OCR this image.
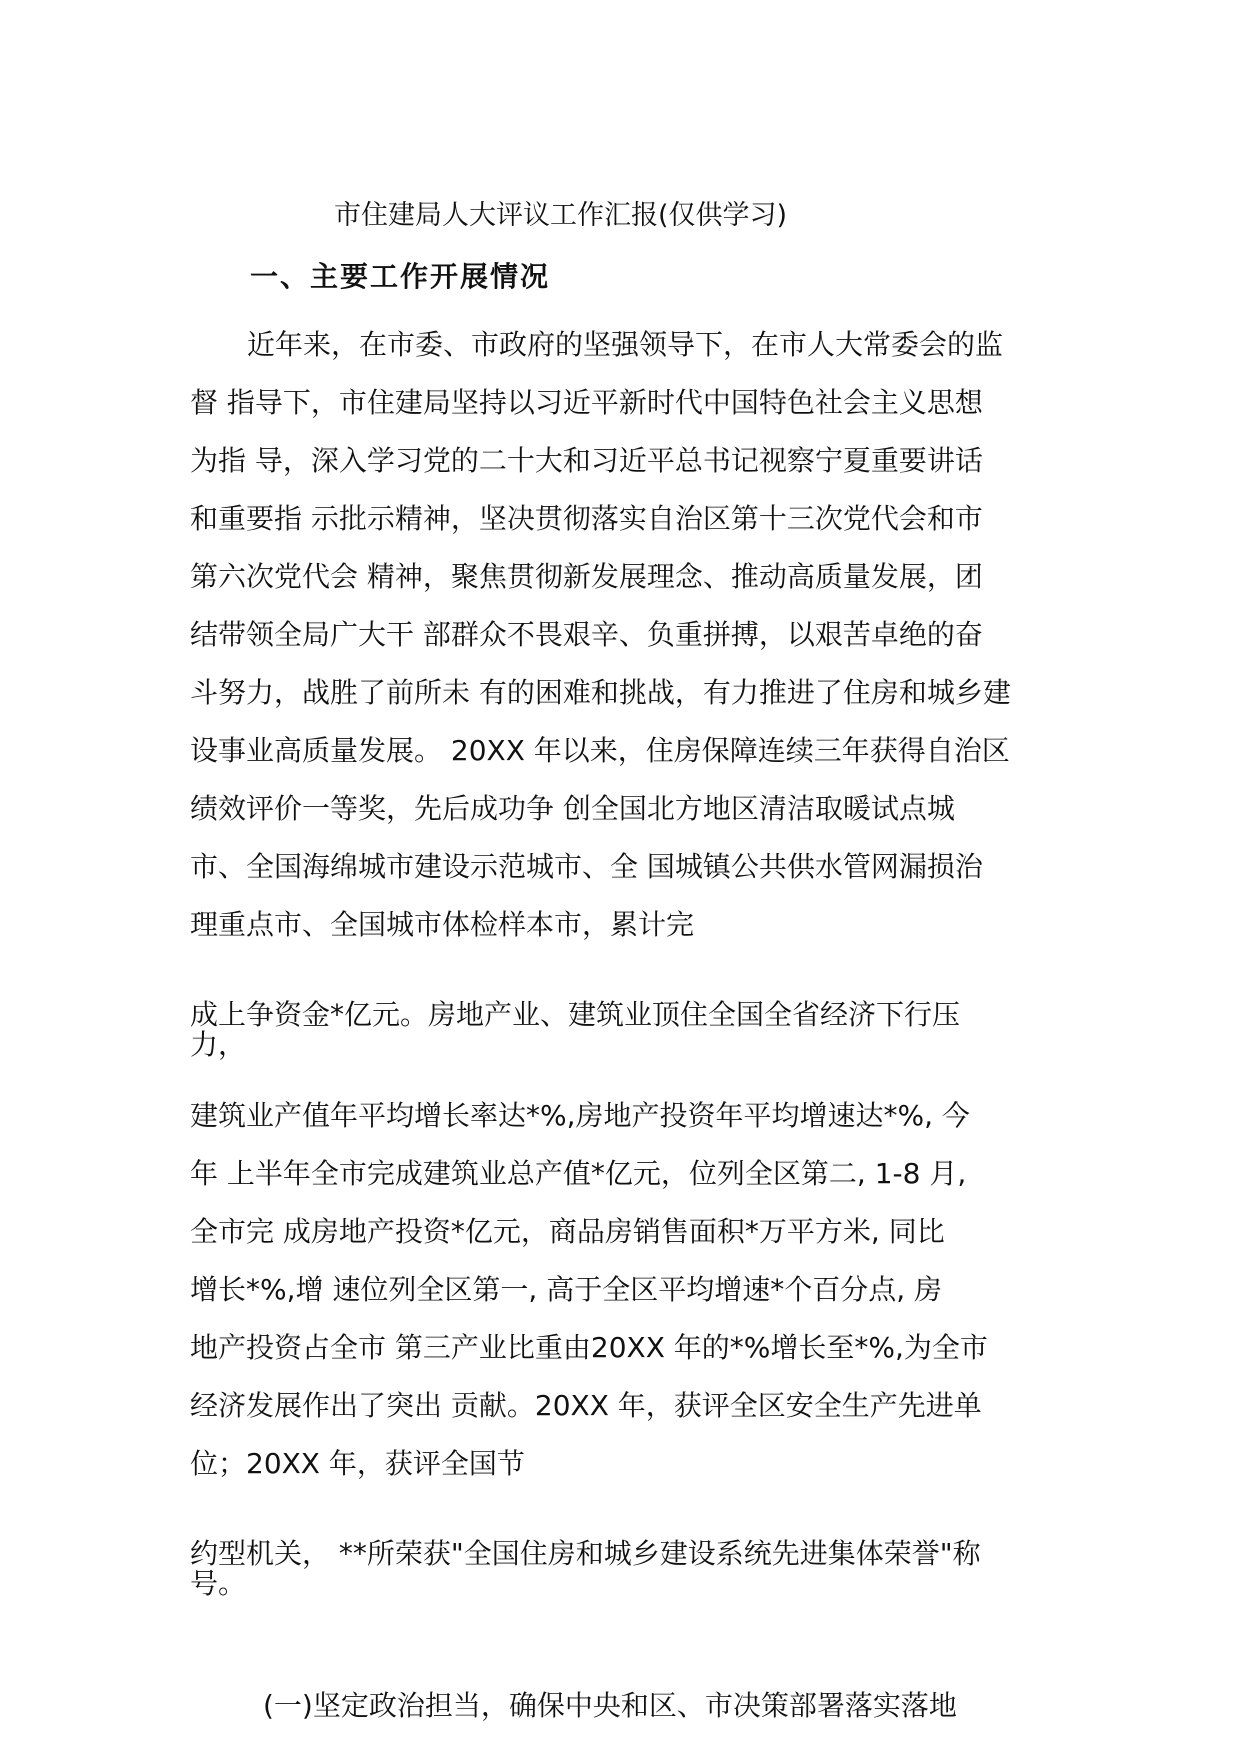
市住建局人大评议工作汇报(仅供学习)
一、主要工作开展情况
近年来，在市委、市政府的坚强领导下，在市人大常委会的监
督 指导下，市住建局坚持以习近平新时代中国特色社会主义思想
为指 导，深入学习党的二十大和习近平总书记视察宁夏重要讲话
和重要指 示批示精神，坚决贯彻落实自治区第十三次党代会和市
第六次党代会 精神，聚焦贯彻新发展理念、推动高质量发展，团
结带领全局广大干 部群众不畏艰辛、负重拼搏，以艰苦卓绝的奋
斗努力，战胜了前所未 有的困难和挑战，有力推进了住房和城乡建
设事业高质量发展。 20XX 年以来，住房保障连续三年获得自治区
绩效评价一等奖，先后成功争 创全国北方地区清洁取暖试点城
市、全国海绵城市建设示范城市、全 国城镇公共供水管网漏损治
理重点市、全国城市体检样本市，累计完
成上争资金*亿元。房地产业、建筑业顶住全国全省经济下行压
力，
建筑业产值年平均增长率达*%,房地产投资年平均增速达*%, 今
年 上半年全市完成建筑业总产值*亿元，位列全区第二, 1-8 月,
全市完 成房地产投资*亿元，商品房销售面积*万平方米, 同比
增长*%,增 速位列全区第一, 高于全区平均增速*个百分点, 房
地产投资占全市 第三产业比重由20XX 年的*%增长至*%,为全市
经济发展作出了突出 贡献。20XX 年，获评全区安全生产先进单
位；20XX 年，获评全国节
约型机关， **所荣获"全国住房和城乡建设系统先进集体荣誉"称
号。
(一)坚定政治担当，确保中央和区、市决策部署落实落地
